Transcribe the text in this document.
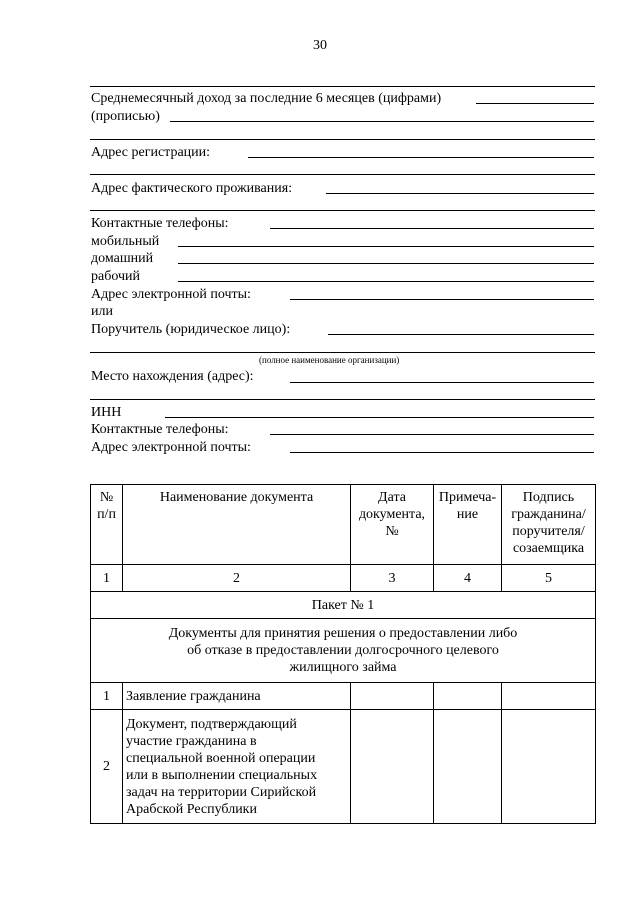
30
Среднемесячный доход за последние 6 месяцев (цифрами)
(прописью)
Адрес регистрации:
Адрес фактического проживания:
Контактные телефоны:
мобильный
домашний
рабочий
Адрес электронной почты:
или
Поручитель (юридическое лицо):
(полное наименование организации)
Место нахождения (адрес):
ИНН
Контактные телефоны:
Адрес электронной почты:
№ п/п	Наименование документа	Дата документа, №	Примеча-ние	Подпись гражданина/ поручителя/ созаемщика
1	2	3	4	5
Пакет № 1				
Документы для принятия решения о предоставлении либо об отказе в предоставлении долгосрочного целевого жилищного займа				
1	Заявление гражданина			
2	Документ, подтверждающий участие гражданина в специальной военной операции или в выполнении специальных задач на территории Сирийской Арабской Республики			
